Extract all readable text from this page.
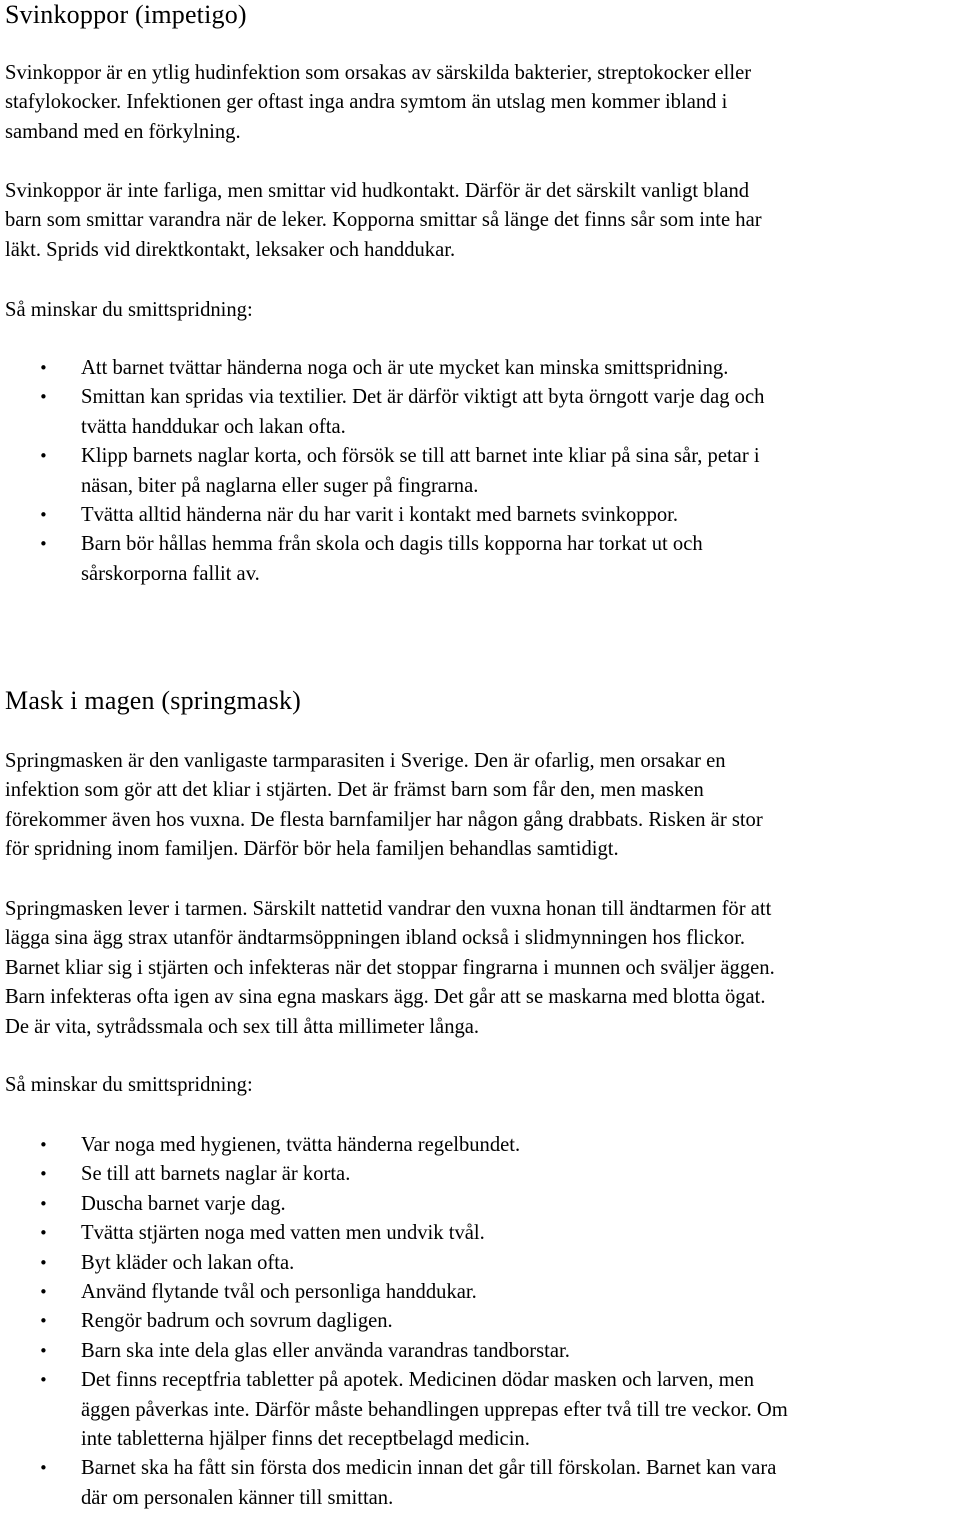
Svinkoppor (impetigo)

Svinkoppor är en ytlig hudinfektion som orsakas av särskilda bakterier, streptokocker eller
stafylokocker. Infektionen ger oftast inga andra symtom än utslag men kommer ibland i
samband med en förkylning.

Svinkoppor är inte farliga, men smittar vid hudkontakt. Därför är det särskilt vanligt bland
barn som smittar varandra när de leker. Kopporna smittar så länge det finns sår som inte har
läkt. Sprids vid direktkontakt, leksaker och handdukar.

Så minskar du smittspridning:

• Att barnet tvättar händerna noga och är ute mycket kan minska smittspridning.
• Smittan kan spridas via textilier. Det är därför viktigt att byta örngott varje dag och
tvätta handdukar och lakan ofta.
• Klipp barnets naglar korta, och försök se till att barnet inte kliar på sina sår, petar i
näsan, biter på naglarna eller suger på fingrarna.
• Tvätta alltid händerna när du har varit i kontakt med barnets svinkoppor.
• Barn bör hållas hemma från skola och dagis tills kopporna har torkat ut och
sårskorporna fallit av.
Mask i magen (springmask)

Springmasken är den vanligaste tarmparasiten i Sverige. Den är ofarlig, men orsakar en
infektion som gör att det kliar i stjärten. Det är främst barn som får den, men masken
förekommer även hos vuxna. De flesta barnfamiljer har någon gång drabbats. Risken är stor
för spridning inom familjen. Därför bör hela familjen behandlas samtidigt.

Springmasken lever i tarmen. Särskilt nattetid vandrar den vuxna honan till ändtarmen för att
lägga sina ägg strax utanför ändtarmsöppningen ibland också i slidmynningen hos flickor.
Barnet kliar sig i stjärten och infekteras när det stoppar fingrarna i munnen och sväljer äggen.
Barn infekteras ofta igen av sina egna maskars ägg. Det går att se maskarna med blotta ögat.
De är vita, sytrådssmala och sex till åtta millimeter långa.

Så minskar du smittspridning:

• Var noga med hygienen, tvätta händerna regelbundet.
• Se till att barnets naglar är korta.
• Duscha barnet varje dag.
• Tvätta stjärten noga med vatten men undvik tvål.
• Byt kläder och lakan ofta.
• Använd flytande tvål och personliga handdukar.
• Rengör badrum och sovrum dagligen.
• Barn ska inte dela glas eller använda varandras tandborstar.
• Det finns receptfria tabletter på apotek. Medicinen dödar masken och larven, men
äggen påverkas inte. Därför måste behandlingen upprepas efter två till tre veckor. Om
inte tabletterna hjälper finns det receptbelagd medicin.
• Barnet ska ha fått sin första dos medicin innan det går till förskolan. Barnet kan vara
där om personalen känner till smittan.
